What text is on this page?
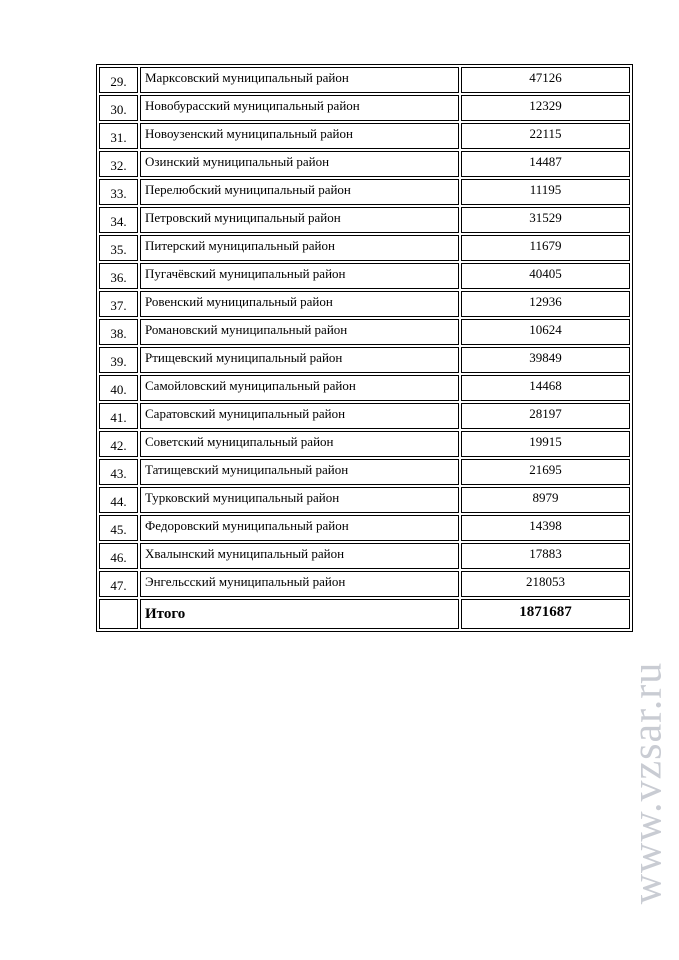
29.	Марксовский муниципальный район	47126
30.	Новобурасский муниципальный район	12329
31.	Новоузенский муниципальный район	22115
32.	Озинский муниципальный район	14487
33.	Перелюбский муниципальный район	11195
34.	Петровский муниципальный район	31529
35.	Питерский муниципальный район	11679
36.	Пугачёвский муниципальный район	40405
37.	Ровенский муниципальный район	12936
38.	Романовский муниципальный район	10624
39.	Ртищевский муниципальный район	39849
40.	Самойловский муниципальный район	14468
41.	Саратовский муниципальный район	28197
42.	Советский муниципальный район	19915
43.	Татищевский муниципальный район	21695
44.	Турковский муниципальный район	8979
45.	Федоровский муниципальный район	14398
46.	Хвалынский муниципальный район	17883
47.	Энгельсский муниципальный район	218053
	Итого	1871687
www.vzsar.ru
